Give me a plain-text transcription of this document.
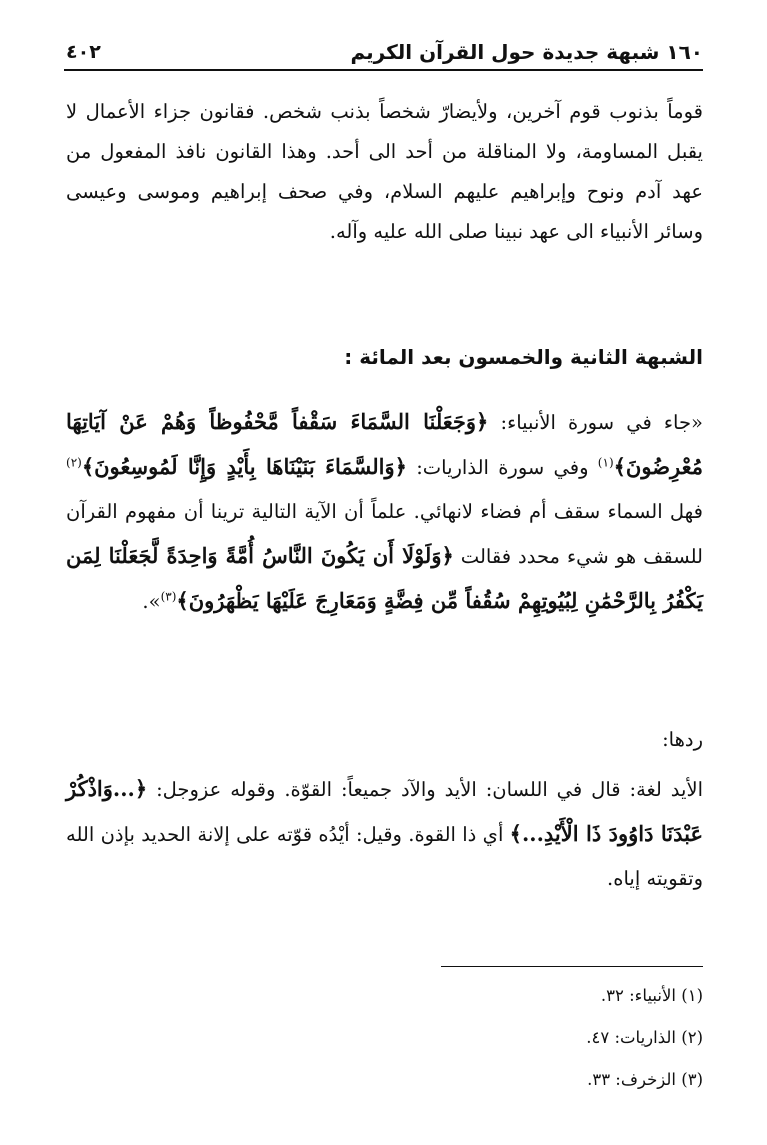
١٦٠ شبهة جديدة حول القرآن الكريم
٤٠٢

قوماً بذنوب قوم آخرين، ولأيضارّ شخصاً بذنب شخص. فقانون جزاء الأعمال لا يقبل المساومة، ولا المناقلة من أحد الى أحد. وهذا القانون نافذ المفعول من عهد آدم ونوح وإبراهيم عليهم السلام، وفي صحف إبراهيم وموسى وعيسى وسائر الأنبياء الى عهد نبينا صلى الله عليه وآله.

الشبهة الثانية والخمسون بعد المائة :

«جاء في سورة الأنبياء: ﴿وَجَعَلْنَا السَّمَاءَ سَقْفاً مَّحْفُوظاً وَهُمْ عَنْ آيَاتِهَا مُعْرِضُونَ﴾$^{(١)}$ وفي سورة الذاريات: ﴿وَالسَّمَاءَ بَنَيْنَاهَا بِأَيْدٍ وَإِنَّا لَمُوسِعُونَ﴾$^{(٢)}$ فهل السماء سقف أم فضاء لانهائي. علماً أن الآية التالية ترينا أن مفهوم القرآن للسقف هو شيء محدد فقالت ﴿وَلَوْلَا أَن يَكُونَ النَّاسُ أُمَّةً وَاحِدَةً لَّجَعَلْنَا لِمَن يَكْفُرُ بِالرَّحْمَٰنِ لِبُيُوتِهِمْ سُقُفاً مِّن فِضَّةٍ وَمَعَارِجَ عَلَيْهَا يَظْهَرُونَ﴾$^{(٣)}$».

ردها:

الأيد لغة: قال في اللسان: الأيد والآد جميعاً: القوّة. وقوله عزوجل: ﴿...وَاذْكُرْ عَبْدَنَا دَاوُودَ ذَا الْأَيْدِ...﴾ أي ذا القوة. وقيل: أيْدُه قوّته على إلانة الحديد بإذن الله وتقويته إياه.

(١) الأنبياء: ٣٢.
(٢) الذاريات: ٤٧.
(٣) الزخرف: ٣٣.
